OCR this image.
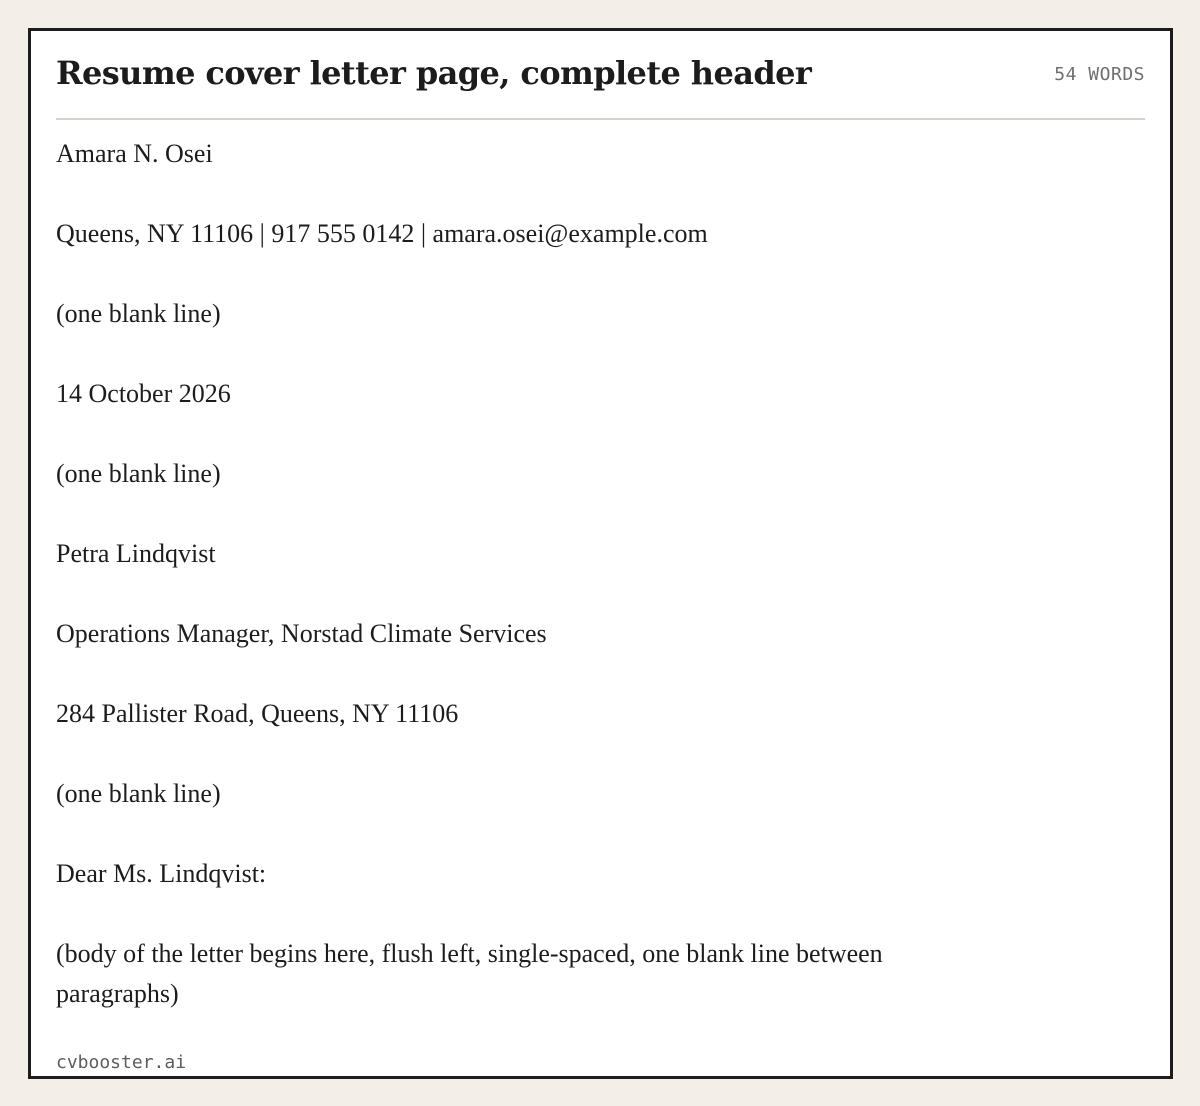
Resume cover letter page, complete header	54 WORDS

Amara N. Osei

Queens, NY 11106 | 917 555 0142 | amara.osei@example.com

(one blank line)

14 October 2026

(one blank line)

Petra Lindqvist

Operations Manager, Norstad Climate Services

284 Pallister Road, Queens, NY 11106

(one blank line)

Dear Ms. Lindqvist:

(body of the letter begins here, flush left, single-spaced, one blank line between paragraphs)

cvbooster.ai
